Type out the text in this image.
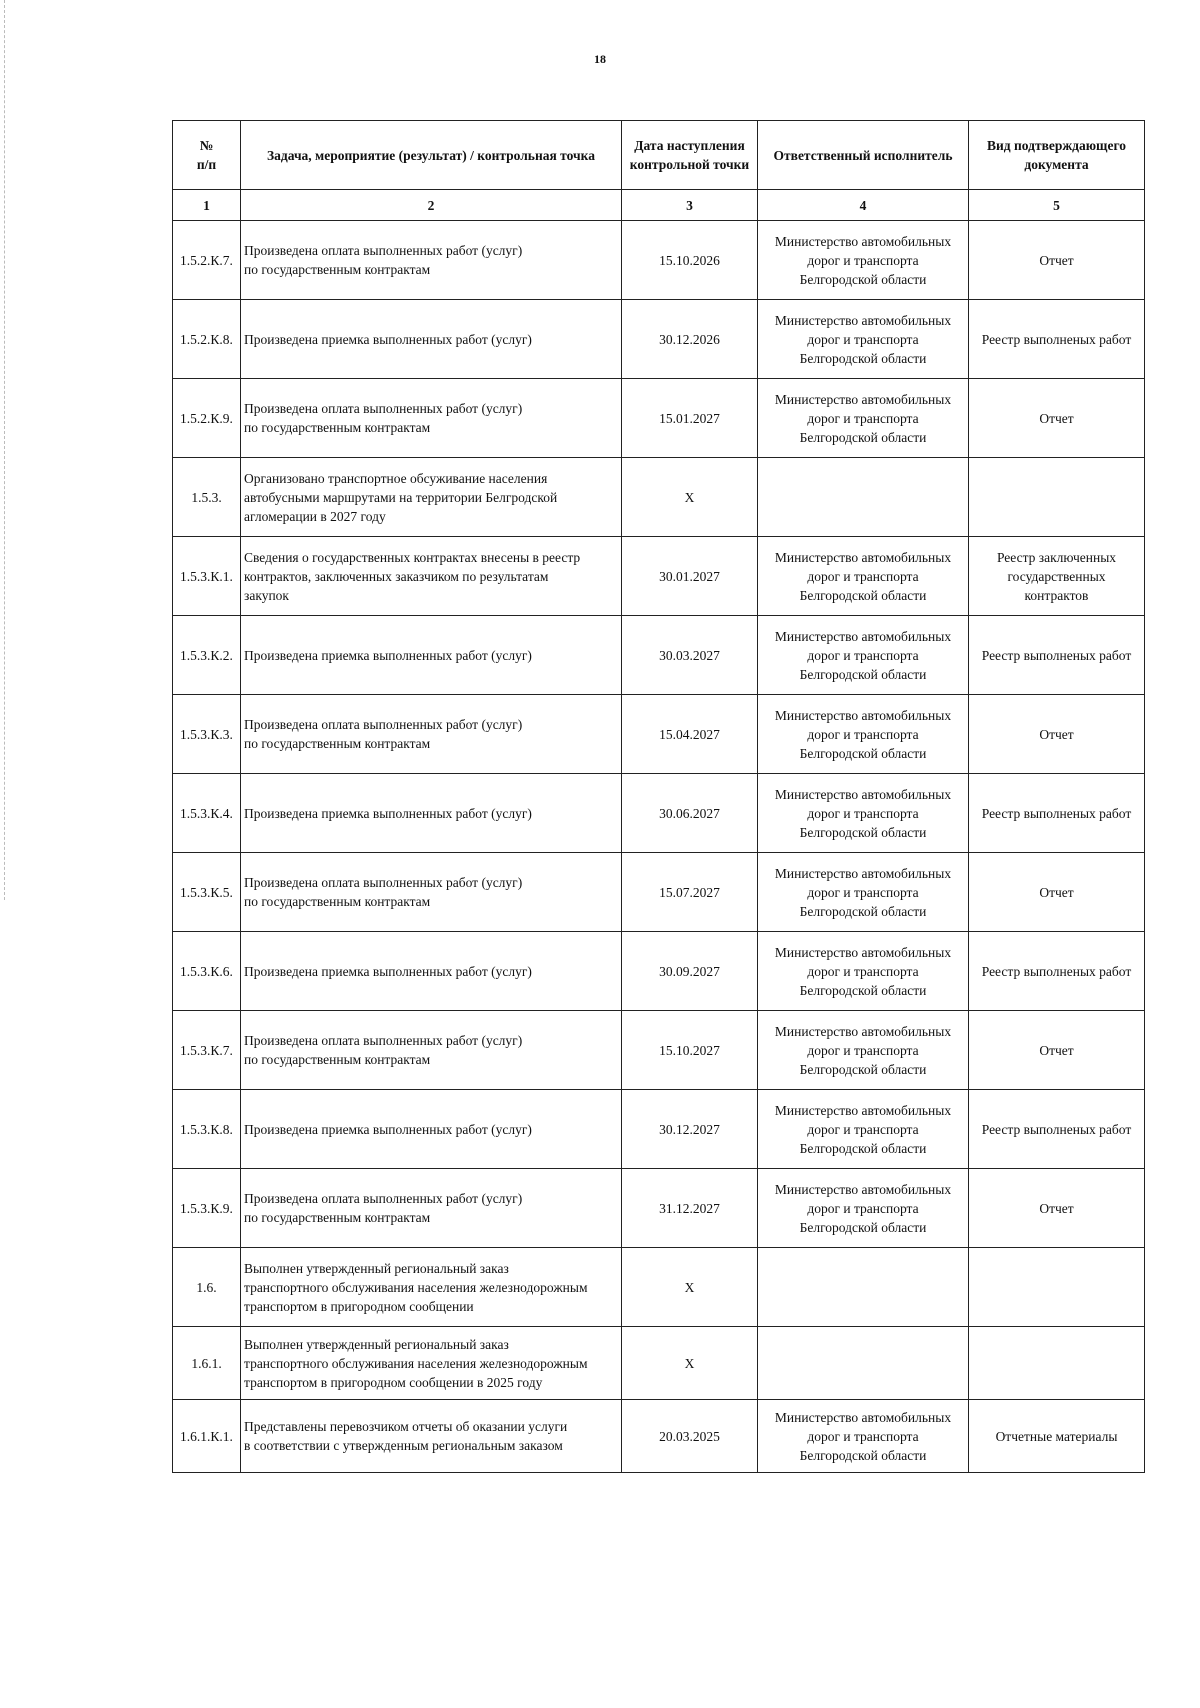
18
№
п/п	Задача, мероприятие (результат) / контрольная точка	Дата наступления контрольной точки	Ответственный исполнитель	Вид подтверждающего документа
1	2	3	4	5
1.5.2.К.7.	Произведена оплата выполненных работ (услуг)
по государственным контрактам	15.10.2026	Министерство автомобильных
дорог и транспорта
Белгородской области	Отчет
1.5.2.К.8.	Произведена приемка выполненных работ (услуг)	30.12.2026	Министерство автомобильных
дорог и транспорта
Белгородской области	Реестр выполненых работ
1.5.2.К.9.	Произведена оплата выполненных работ (услуг)
по государственным контрактам	15.01.2027	Министерство автомобильных
дорог и транспорта
Белгородской области	Отчет
1.5.3.	Организовано транспортное обсуживание населения
автобусными маршрутами на территории Белгродской
агломерации в 2027 году	X		
1.5.3.К.1.	Сведения о государственных контрактах внесены в реестр
контрактов, заключенных заказчиком по результатам
закупок	30.01.2027	Министерство автомобильных
дорог и транспорта
Белгородской области	Реестр заключенных
государственных
контрактов
1.5.3.К.2.	Произведена приемка выполненных работ (услуг)	30.03.2027	Министерство автомобильных
дорог и транспорта
Белгородской области	Реестр выполненых работ
1.5.3.К.3.	Произведена оплата выполненных работ (услуг)
по государственным контрактам	15.04.2027	Министерство автомобильных
дорог и транспорта
Белгородской области	Отчет
1.5.3.К.4.	Произведена приемка выполненных работ (услуг)	30.06.2027	Министерство автомобильных
дорог и транспорта
Белгородской области	Реестр выполненых работ
1.5.3.К.5.	Произведена оплата выполненных работ (услуг)
по государственным контрактам	15.07.2027	Министерство автомобильных
дорог и транспорта
Белгородской области	Отчет
1.5.3.К.6.	Произведена приемка выполненных работ (услуг)	30.09.2027	Министерство автомобильных
дорог и транспорта
Белгородской области	Реестр выполненых работ
1.5.3.К.7.	Произведена оплата выполненных работ (услуг)
по государственным контрактам	15.10.2027	Министерство автомобильных
дорог и транспорта
Белгородской области	Отчет
1.5.3.К.8.	Произведена приемка выполненных работ (услуг)	30.12.2027	Министерство автомобильных
дорог и транспорта
Белгородской области	Реестр выполненых работ
1.5.3.К.9.	Произведена оплата выполненных работ (услуг)
по государственным контрактам	31.12.2027	Министерство автомобильных
дорог и транспорта
Белгородской области	Отчет
1.6.	Выполнен утвержденный региональный заказ
транспортного обслуживания населения железнодорожным
транспортом в пригородном сообщении	X		
1.6.1.	Выполнен утвержденный региональный заказ
транспортного обслуживания населения железнодорожным
транспортом в пригородном сообщении в 2025 году	X		
1.6.1.К.1.	Представлены перевозчиком отчеты об оказании услуги
в соответствии с утвержденным региональным заказом	20.03.2025	Министерство автомобильных
дорог и транспорта
Белгородской области	Отчетные материалы
